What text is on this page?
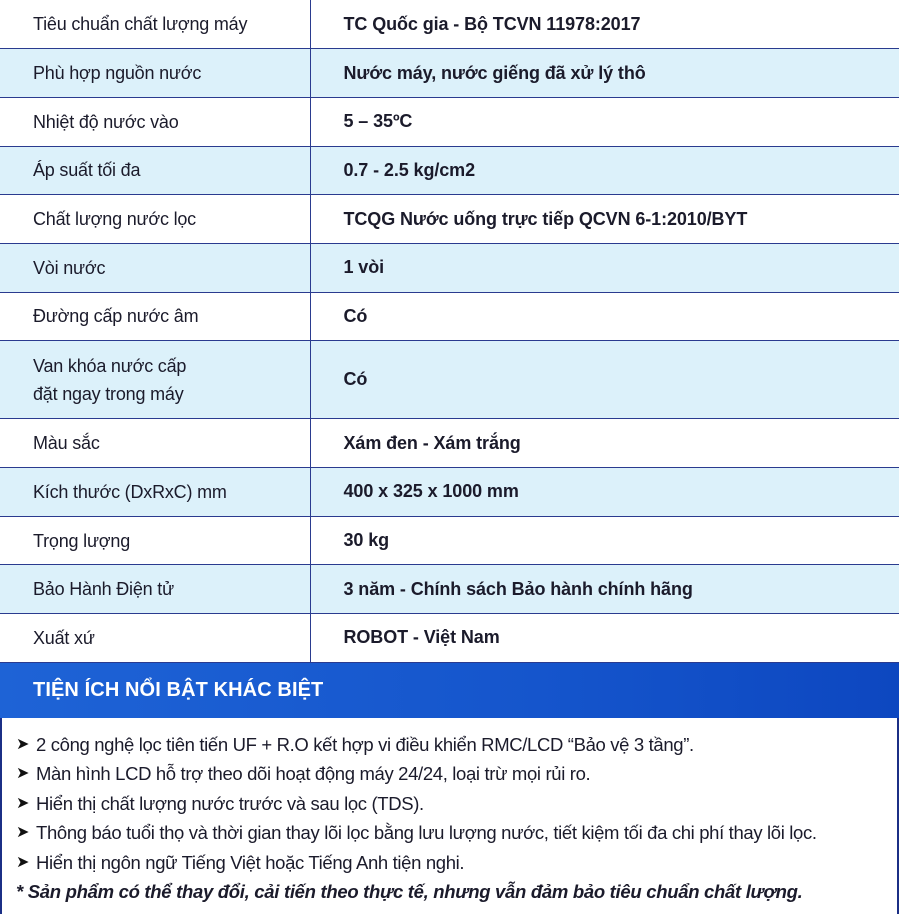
Tiêu chuẩn chất lượng máy	TC Quốc gia - Bộ TCVN 11978:2017
Phù hợp nguồn nước	Nước máy, nước giếng đã xử lý thô
Nhiệt độ nước vào	5 – 35ºC
Áp suất tối đa	0.7 - 2.5 kg/cm2
Chất lượng nước lọc	TCQG Nước uống trực tiếp QCVN 6-1:2010/BYT
Vòi nước	1 vòi
Đường cấp nước âm	Có

Van khóa nước cấp
đặt ngay trong máy	Có
Màu sắc	Xám đen - Xám trắng
Kích thước (DxRxC) mm	400 x 325 x 1000 mm
Trọng lượng	30 kg
Bảo Hành Điện tử	3 năm - Chính sách Bảo hành chính hãng
Xuất xứ	ROBOT - Việt Nam
TIỆN ÍCH NỔI BẬT KHÁC BIỆT
➤ 2 công nghệ lọc tiên tiến UF + R.O kết hợp vi điều khiển RMC/LCD “Bảo vệ 3 tầng”.
➤ Màn hình LCD hỗ trợ theo dõi hoạt động máy 24/24, loại trừ mọi rủi ro.
➤ Hiển thị chất lượng nước trước và sau lọc (TDS).
➤ Thông báo tuổi thọ và thời gian thay lõi lọc bằng lưu lượng nước, tiết kiệm tối đa chi phí thay lõi lọc.
➤ Hiển thị ngôn ngữ Tiếng Việt hoặc Tiếng Anh tiện nghi.
* Sản phẩm có thể thay đổi, cải tiến theo thực tế, nhưng vẫn đảm bảo tiêu chuẩn chất lượng.
